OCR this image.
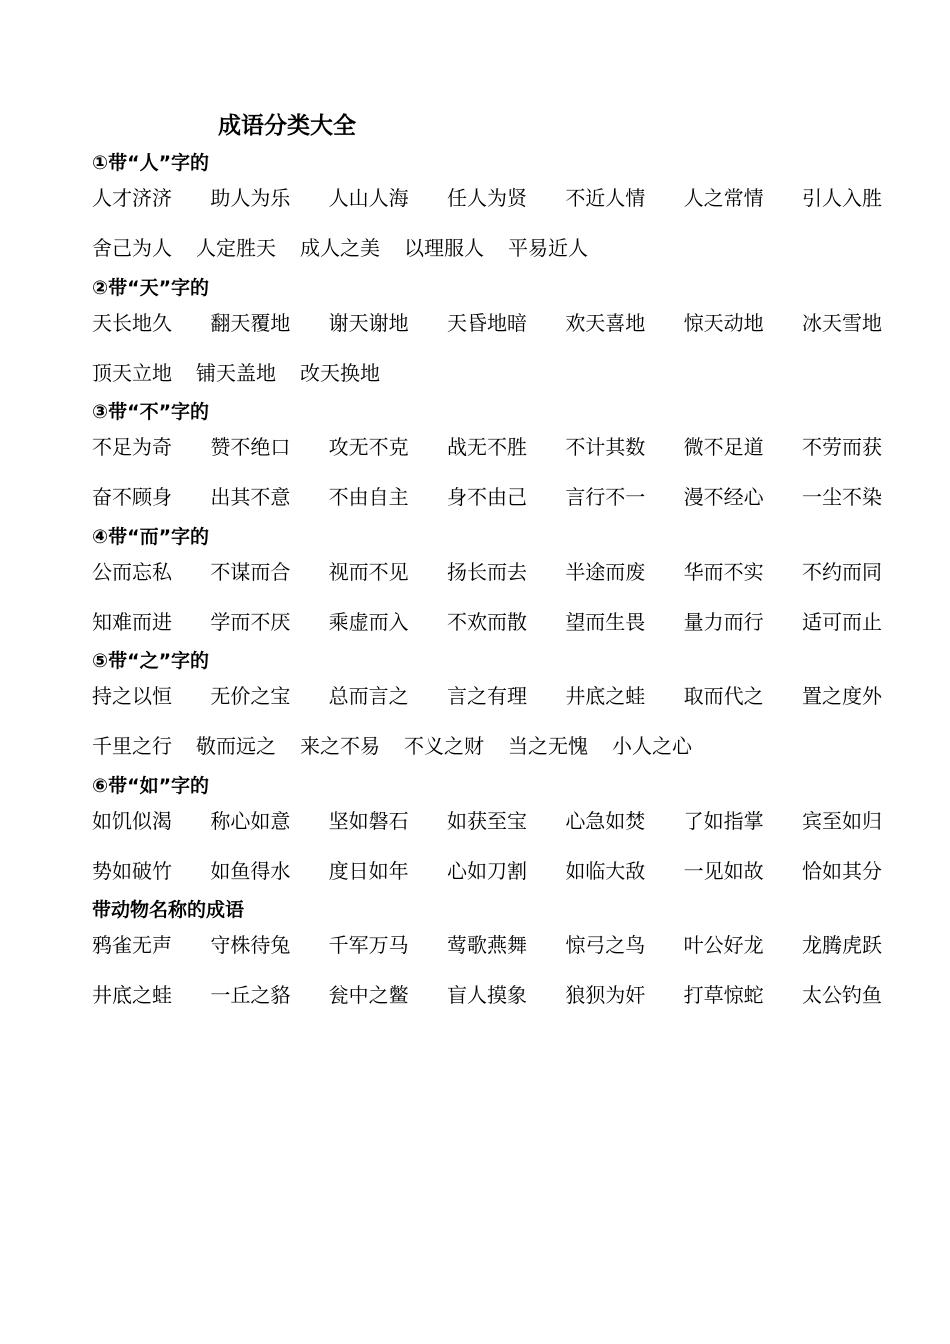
成语分类大全
①带“人”字的
人才济济 助人为乐 人山人海 任人为贤 不近人情 人之常情 引人入胜
舍己为人 人定胜天 成人之美 以理服人 平易近人
②带“天”字的
天长地久 翻天覆地 谢天谢地 天昏地暗 欢天喜地 惊天动地 冰天雪地
顶天立地 铺天盖地 改天换地
③带“不”字的
不足为奇 赞不绝口 攻无不克 战无不胜 不计其数 微不足道 不劳而获
奋不顾身 出其不意 不由自主 身不由己 言行不一 漫不经心 一尘不染
④带“而”字的
公而忘私 不谋而合 视而不见 扬长而去 半途而废 华而不实 不约而同
知难而进 学而不厌 乘虚而入 不欢而散 望而生畏 量力而行 适可而止
⑤带“之”字的
持之以恒 无价之宝 总而言之 言之有理 井底之蛙 取而代之 置之度外
千里之行 敬而远之 来之不易 不义之财 当之无愧 小人之心
⑥带“如”字的
如饥似渴 称心如意 坚如磐石 如获至宝 心急如焚 了如指掌 宾至如归
势如破竹 如鱼得水 度日如年 心如刀割 如临大敌 一见如故 恰如其分
带动物名称的成语
鸦雀无声 守株待兔 千军万马 莺歌燕舞 惊弓之鸟 叶公好龙 龙腾虎跃
井底之蛙 一丘之貉 瓮中之鳖 盲人摸象 狼狈为奸 打草惊蛇 太公钓鱼
